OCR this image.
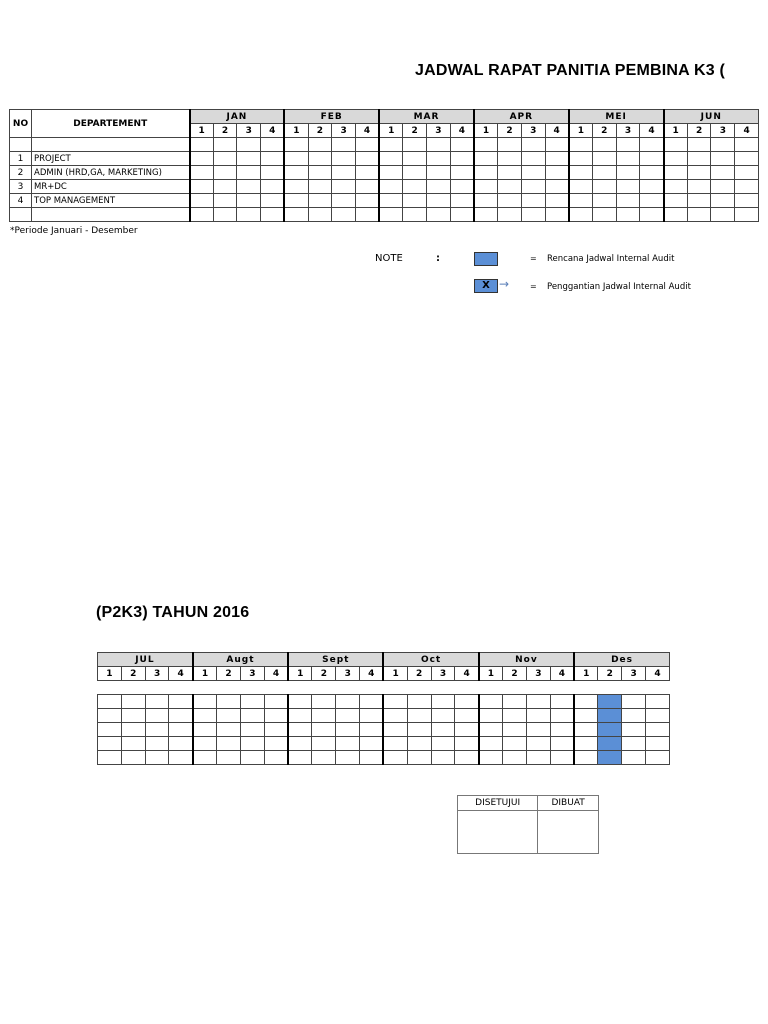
JADWAL RAPAT PANITIA PEMBINA K3 (
NO	DEPARTEMENT	JAN				FEB				MAR				APR				MEI				JUN			
		1	2	3	4	1	2	3	4	1	2	3	4	1	2	3	4	1	2	3	4	1	2	3	4

1	PROJECT																								
2	ADMIN (HRD,GA, MARKETING)																								
3	MR+DC																								
4	TOP MANAGEMENT																								

*Periode Januari - Desember
NOTE	:	= Rencana Jadwal Internal Audit
X →	= Penggantian Jadwal Internal Audit
(P2K3) TAHUN 2016
JUL				Augt				Sept				Oct				Nov				Des			
1	2	3	4	1	2	3	4	1	2	3	4	1	2	3	4	1	2	3	4	1	2	3	4

DISETUJUI	DIBUAT
